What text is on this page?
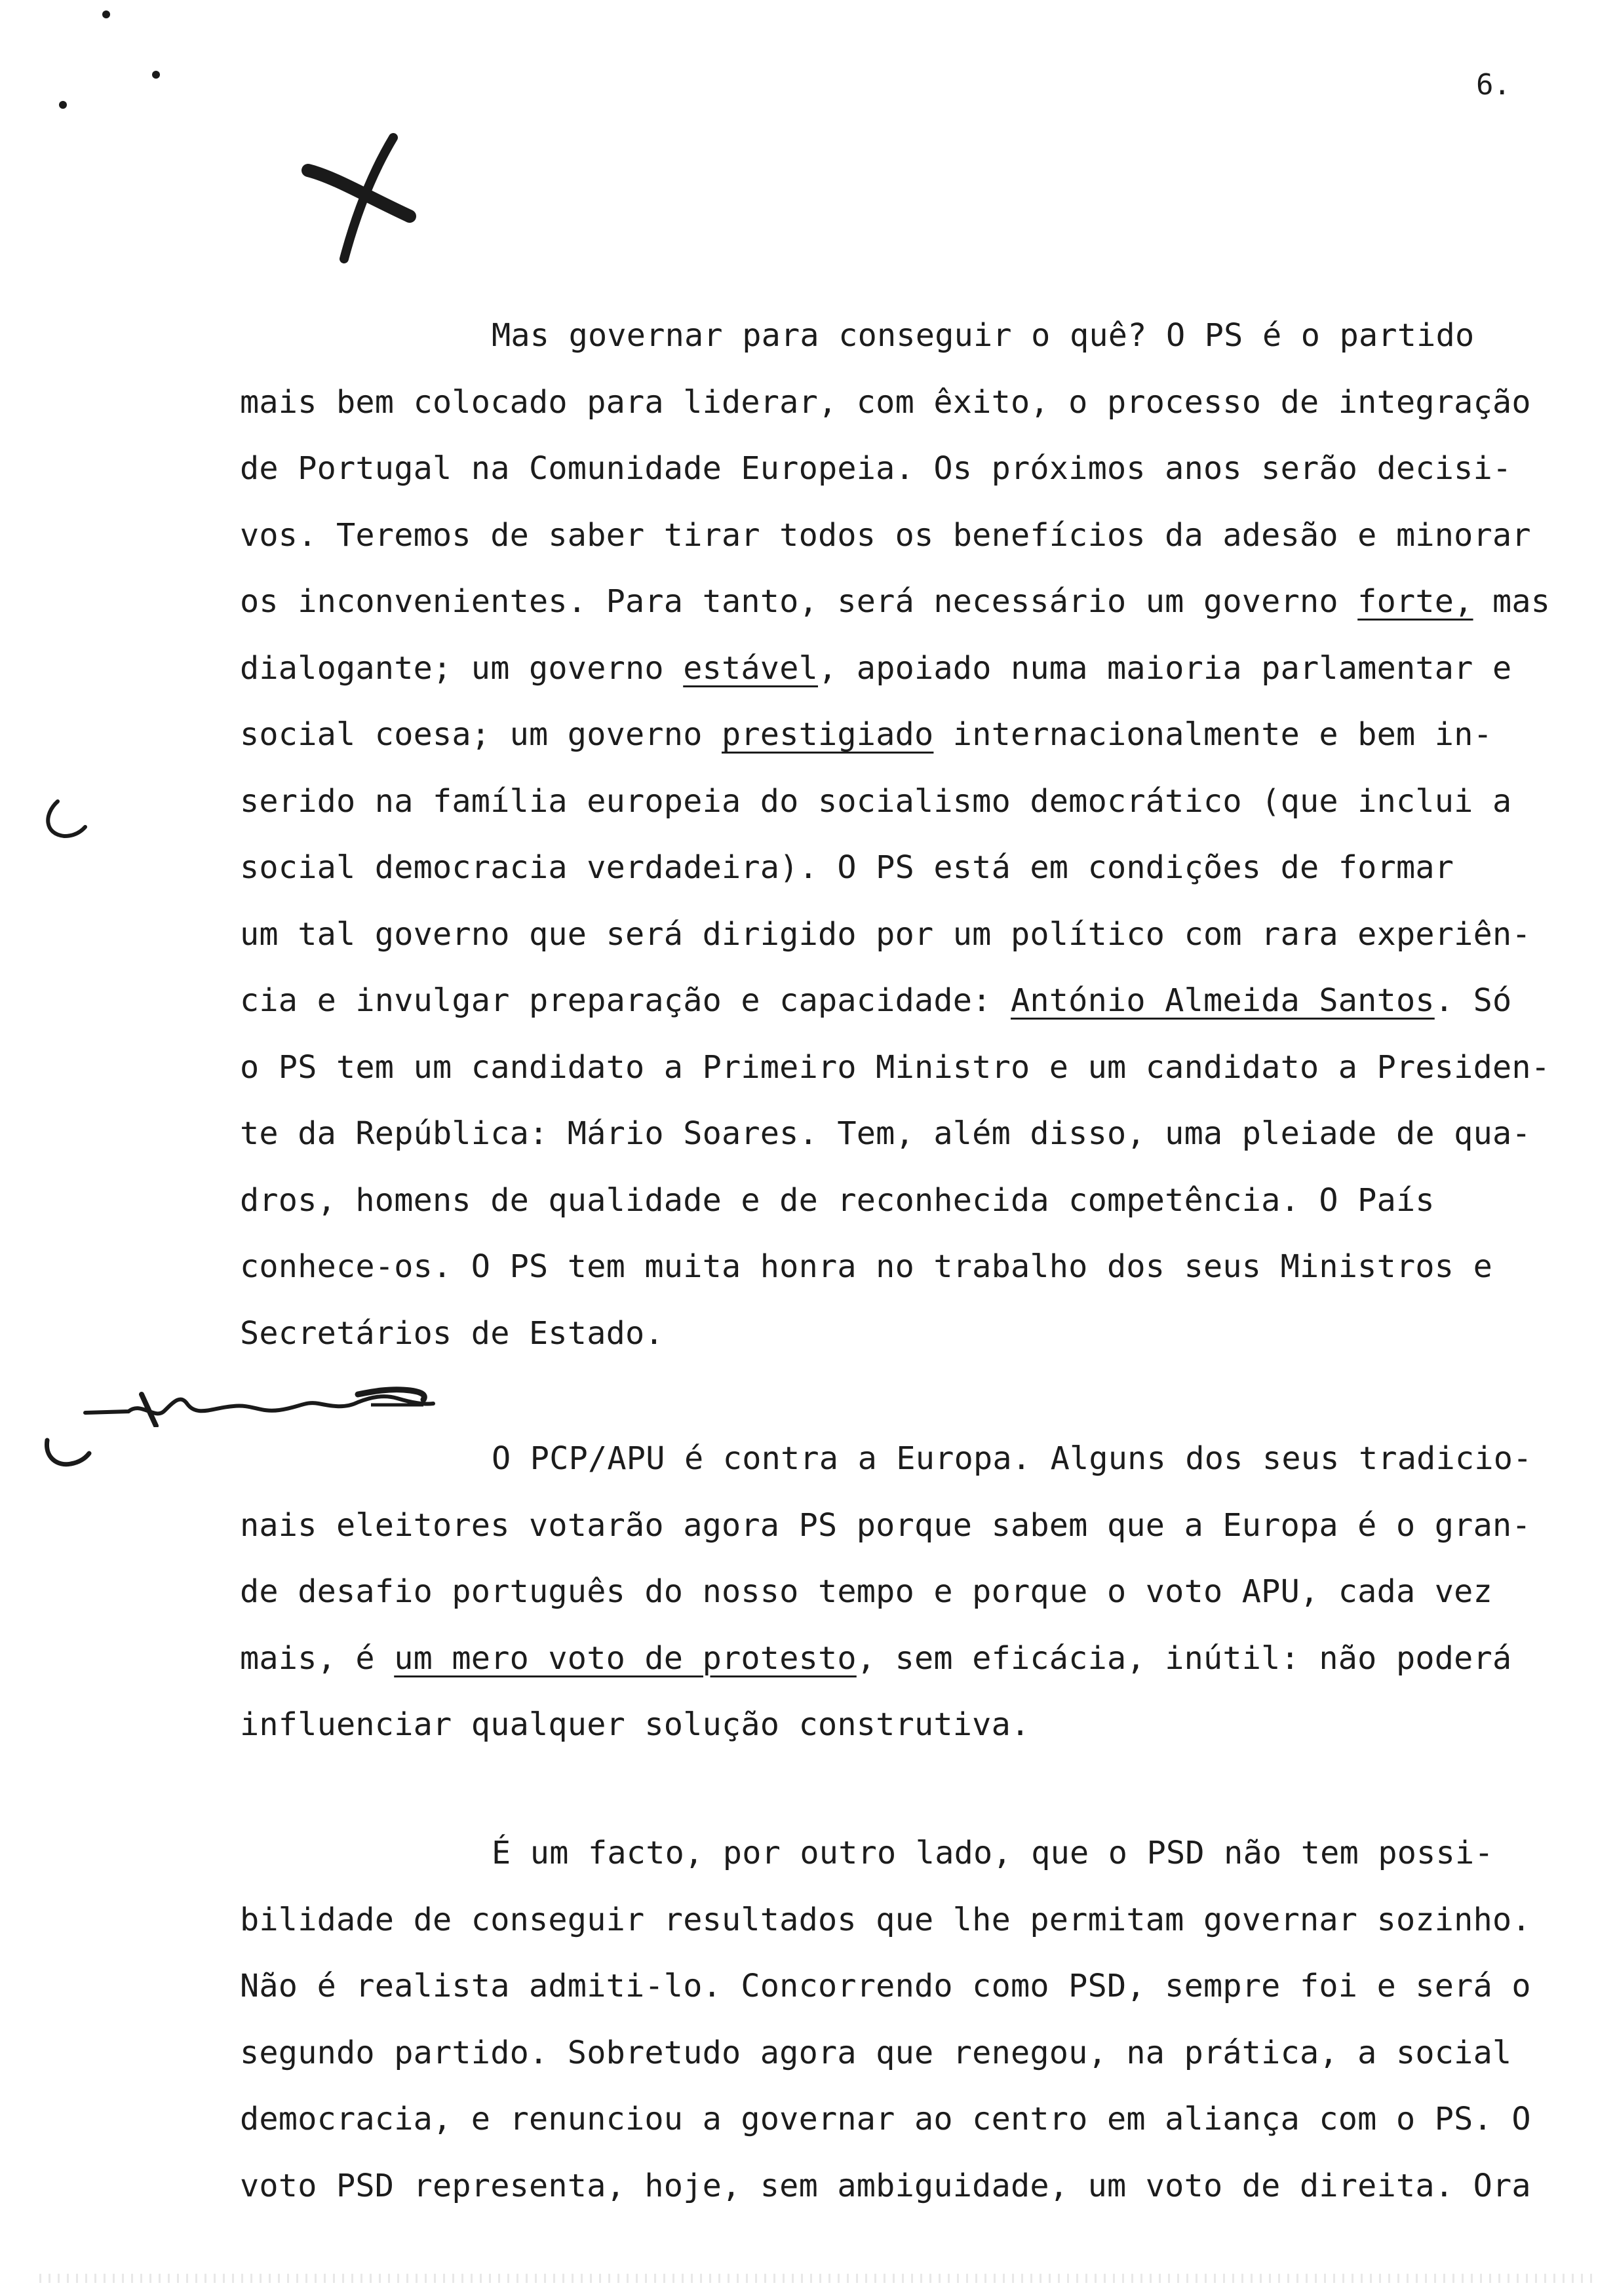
6.
Mas governar para conseguir o quê? O PS é o partido
mais bem colocado para liderar, com êxito, o processo de integração
de Portugal na Comunidade Europeia. Os próximos anos serão decisi-
vos. Teremos de saber tirar todos os benefícios da adesão e minorar
os inconvenientes. Para tanto, será necessário um governo forte, mas
dialogante; um governo estável, apoiado numa maioria parlamentar e
social coesa; um governo prestigiado internacionalmente e bem in-
serido na família europeia do socialismo democrático (que inclui a
social democracia verdadeira). O PS está em condições de formar
um tal governo que será dirigido por um político com rara experiên-
cia e invulgar preparação e capacidade: António Almeida Santos. Só
o PS tem um candidato a Primeiro Ministro e um candidato a Presiden-
te da República: Mário Soares. Tem, além disso, uma pleiade de qua-
dros, homens de qualidade e de reconhecida competência. O País
conhece-os. O PS tem muita honra no trabalho dos seus Ministros e
Secretários de Estado.
O PCP/APU é contra a Europa. Alguns dos seus tradicio-
nais eleitores votarão agora PS porque sabem que a Europa é o gran-
de desafio português do nosso tempo e porque o voto APU, cada vez
mais, é um mero voto de protesto, sem eficácia, inútil: não poderá
influenciar qualquer solução construtiva.
É um facto, por outro lado, que o PSD não tem possi-
bilidade de conseguir resultados que lhe permitam governar sozinho.
Não é realista admiti-lo. Concorrendo como PSD, sempre foi e será o
segundo partido. Sobretudo agora que renegou, na prática, a social
democracia, e renunciou a governar ao centro em aliança com o PS. O
voto PSD representa, hoje, sem ambiguidade, um voto de direita. Ora
